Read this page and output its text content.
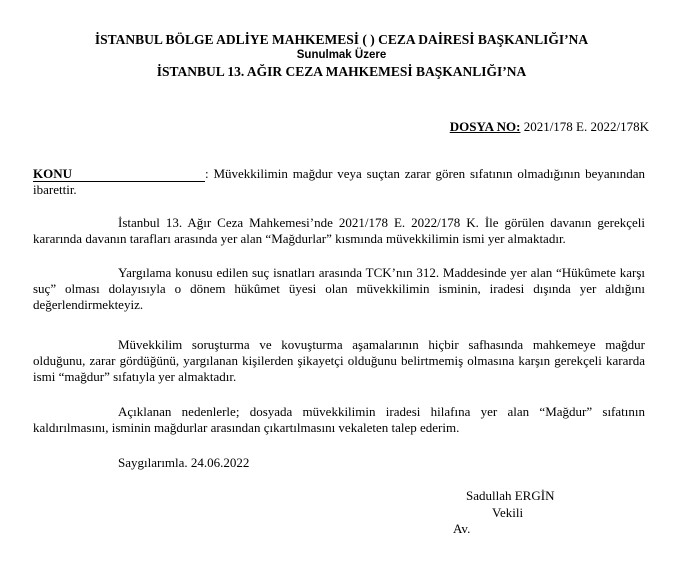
İSTANBUL BÖLGE ADLİYE MAHKEMESİ ( ) CEZA DAİRESİ BAŞKANLIĞI’NA
Sunulmak Üzere
İSTANBUL 13. AĞIR CEZA MAHKEMESİ BAŞKANLIĞI’NA
DOSYA NO: 2021/178 E. 2022/178K
KONU	: Müvekkilimin mağdur veya suçtan zarar gören sıfatının olmadığının beyanından ibarettir.
İstanbul 13. Ağır Ceza Mahkemesi’nde 2021/178 E. 2022/178 K. İle görülen davanın gerekçeli kararında davanın tarafları arasında yer alan “Mağdurlar” kısmında müvekkilimin ismi yer almaktadır.
Yargılama konusu edilen suç isnatları arasında TCK’nın 312. Maddesinde yer alan “Hükûmete karşı suç” olması dolayısıyla o dönem hükûmet üyesi olan müvekkilimin isminin, iradesi dışında yer aldığını değerlendirmekteyiz.
Müvekkilim soruşturma ve kovuşturma aşamalarının hiçbir safhasında mahkemeye mağdur olduğunu, zarar gördüğünü, yargılanan kişilerden şikayetçi olduğunu belirtmemiş olmasına karşın gerekçeli kararda ismi “mağdur” sıfatıyla yer almaktadır.
Açıklanan nedenlerle; dosyada müvekkilimin iradesi hilafına yer alan “Mağdur” sıfatının kaldırılmasını, isminin mağdurlar arasından çıkartılmasını vekaleten talep ederim.
Saygılarımla. 24.06.2022
Sadullah ERGİN
Vekili
Av.
